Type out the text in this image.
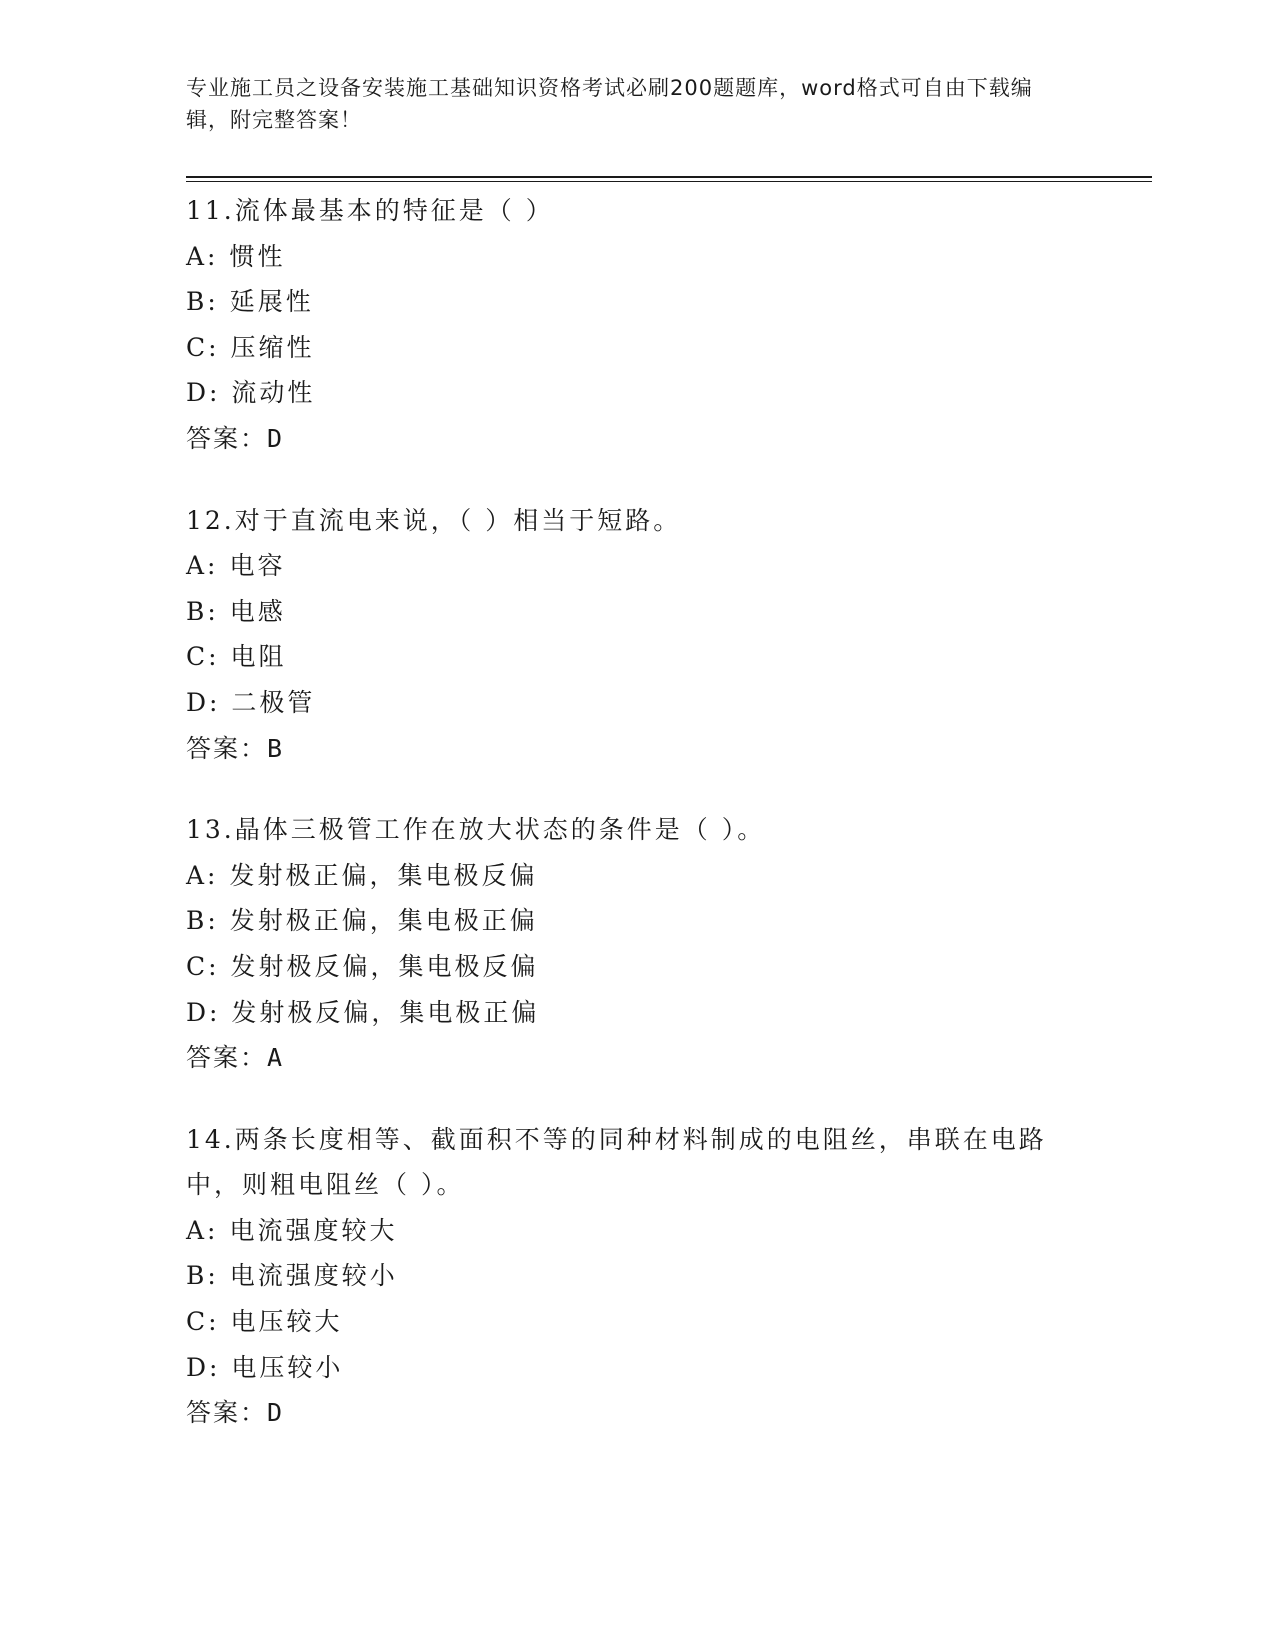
专业施工员之设备安装施工基础知识资格考试必刷200题题库，word格式可自由下载编辑，附完整答案！
11.流体最基本的特征是（ ）
A: 惯性
B: 延展性
C: 压缩性
D: 流动性
答案：D
12.对于直流电来说，（ ）相当于短路。
A: 电容
B: 电感
C: 电阻
D: 二极管
答案：B
13.晶体三极管工作在放大状态的条件是（ ）。
A: 发射极正偏，集电极反偏
B: 发射极正偏，集电极正偏
C: 发射极反偏，集电极反偏
D: 发射极反偏，集电极正偏
答案：A
14.两条长度相等、截面积不等的同种材料制成的电阻丝，串联在电路中，则粗电阻丝（ ）。
A: 电流强度较大
B: 电流强度较小
C: 电压较大
D: 电压较小
答案：D
